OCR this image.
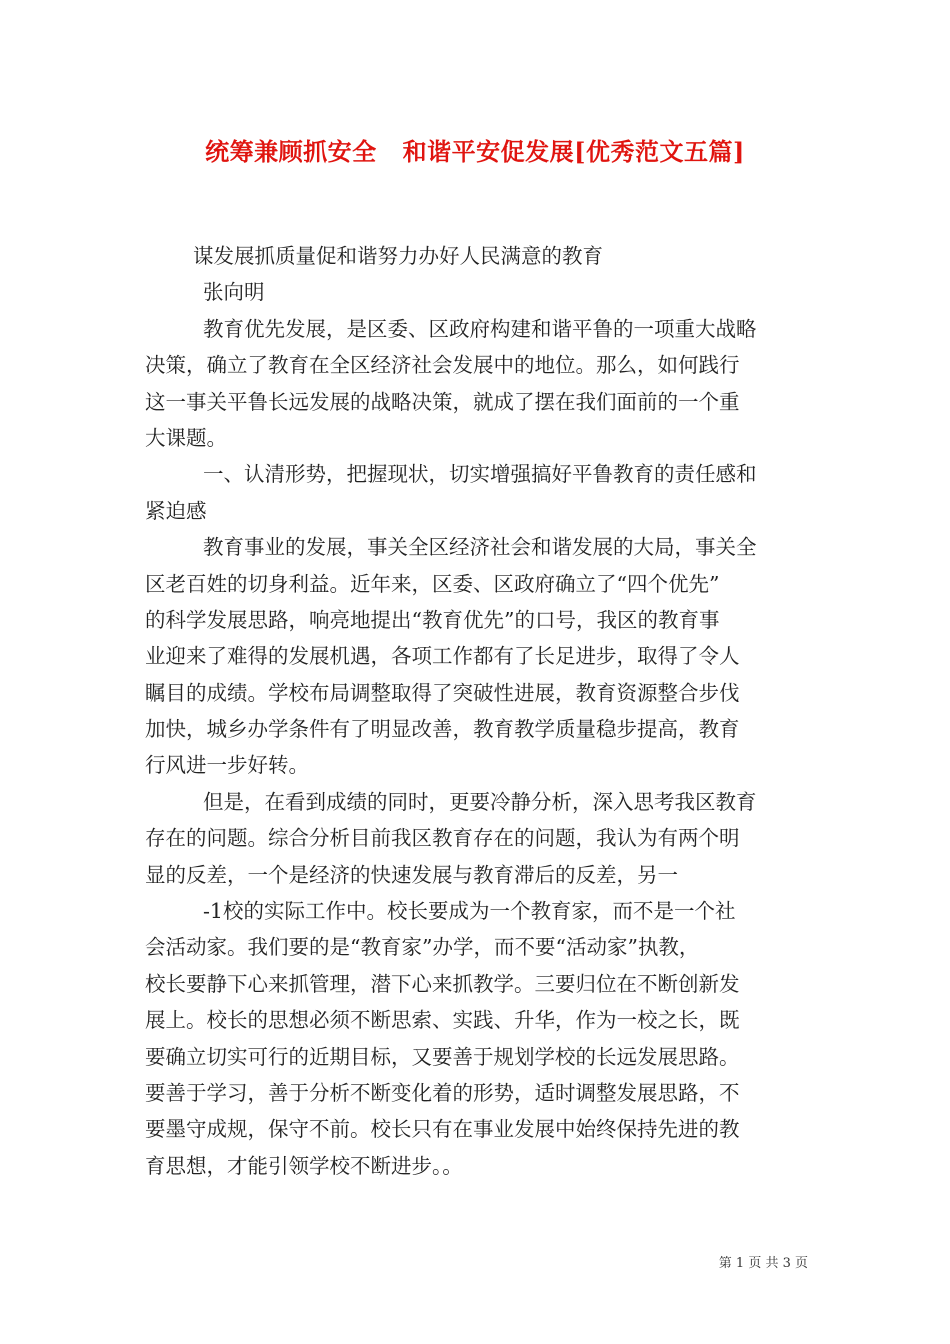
统筹兼顾抓安全 和谐平安促发展[优秀范文五篇]
谋发展抓质量促和谐努力办好人民满意的教育
张向明
教育优先发展，是区委、区政府构建和谐平鲁的一项重大战略
决策，确立了教育在全区经济社会发展中的地位。那么，如何践行
这一事关平鲁长远发展的战略决策，就成了摆在我们面前的一个重
大课题。
一、认清形势，把握现状，切实增强搞好平鲁教育的责任感和
紧迫感
教育事业的发展，事关全区经济社会和谐发展的大局，事关全
区老百姓的切身利益。近年来，区委、区政府确立了“四个优先”
的科学发展思路，响亮地提出“教育优先”的口号，我区的教育事
业迎来了难得的发展机遇，各项工作都有了长足进步，取得了令人
瞩目的成绩。学校布局调整取得了突破性进展，教育资源整合步伐
加快，城乡办学条件有了明显改善，教育教学质量稳步提高，教育
行风进一步好转。
但是，在看到成绩的同时，更要冷静分析，深入思考我区教育
存在的问题。综合分析目前我区教育存在的问题，我认为有两个明
显的反差，一个是经济的快速发展与教育滞后的反差，另一
-1校的实际工作中。校长要成为一个教育家，而不是一个社
会活动家。我们要的是“教育家”办学，而不要“活动家”执教，
校长要静下心来抓管理，潜下心来抓教学。三要归位在不断创新发
展上。校长的思想必须不断思索、实践、升华，作为一校之长，既
要确立切实可行的近期目标，又要善于规划学校的长远发展思路。
要善于学习，善于分析不断变化着的形势，适时调整发展思路，不
要墨守成规，保守不前。校长只有在事业发展中始终保持先进的教
育思想，才能引领学校不断进步。。
第 1 页 共 3 页
